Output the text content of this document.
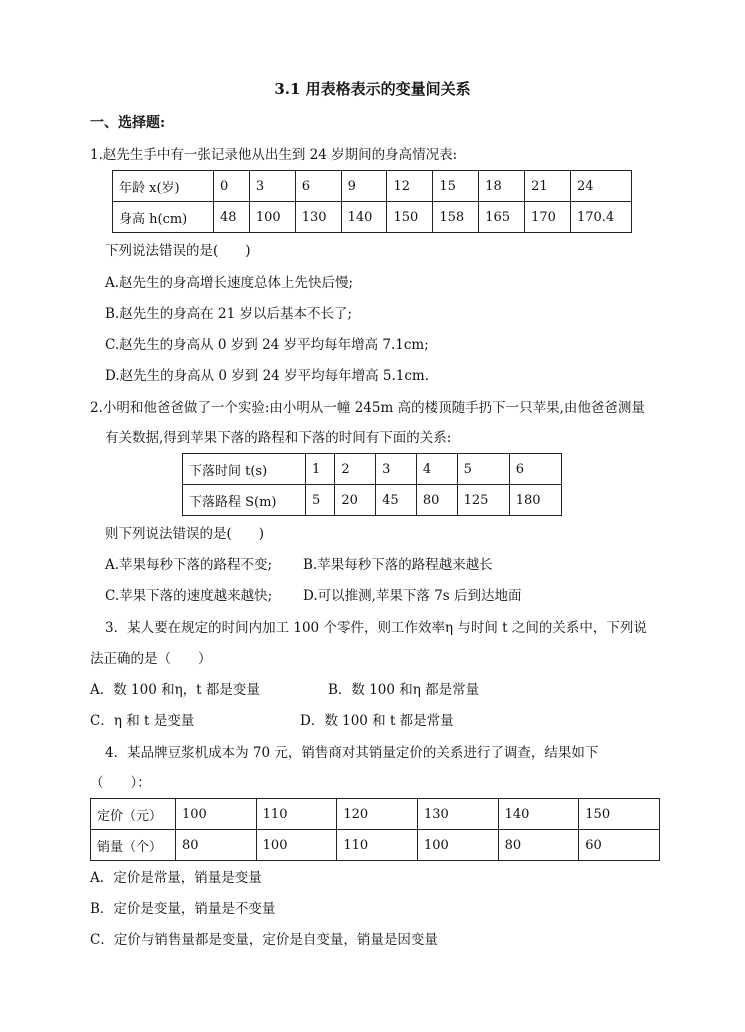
3.1 用表格表示的变量间关系
一、选择题:
1.赵先生手中有一张记录他从出生到 24 岁期间的身高情况表:
年龄 x(岁)	0	3	6	9	12	15	18	21	24
身高 h(cm)	48	100	130	140	150	158	165	170	170.4
下列说法错误的是(　　)
A.赵先生的身高增长速度总体上先快后慢;
B.赵先生的身高在 21 岁以后基本不长了;
C.赵先生的身高从 0 岁到 24 岁平均每年增高 7.1cm;
D.赵先生的身高从 0 岁到 24 岁平均每年增高 5.1cm.
2.小明和他爸爸做了一个实验:由小明从一幢 245m 高的楼顶随手扔下一只苹果,由他爸爸测量
有关数据,得到苹果下落的路程和下落的时间有下面的关系:
下落时间 t(s)	1	2	3	4	5	6
下落路程 S(m)	5	20	45	80	125	180
则下列说法错误的是(　　)
A.苹果每秒下落的路程不变; B.苹果每秒下落的路程越来越长
C.苹果下落的速度越来越快; D.可以推测,苹果下落 7s 后到达地面
3．某人要在规定的时间内加工 100 个零件，则工作效率η 与时间 t 之间的关系中，下列说
法正确的是（　　）
A．数 100 和η，t 都是变量	B．数 100 和η 都是常量
C．η 和 t 是变量	D．数 100 和 t 都是常量
4．某品牌豆浆机成本为 70 元，销售商对其销量定价的关系进行了调查，结果如下
（　　）：
定价（元）	100	110	120	130	140	150
销量（个）	80	100	110	100	80	60
A．定价是常量，销量是变量
B．定价是变量，销量是不变量
C．定价与销售量都是变量，定价是自变量，销量是因变量
